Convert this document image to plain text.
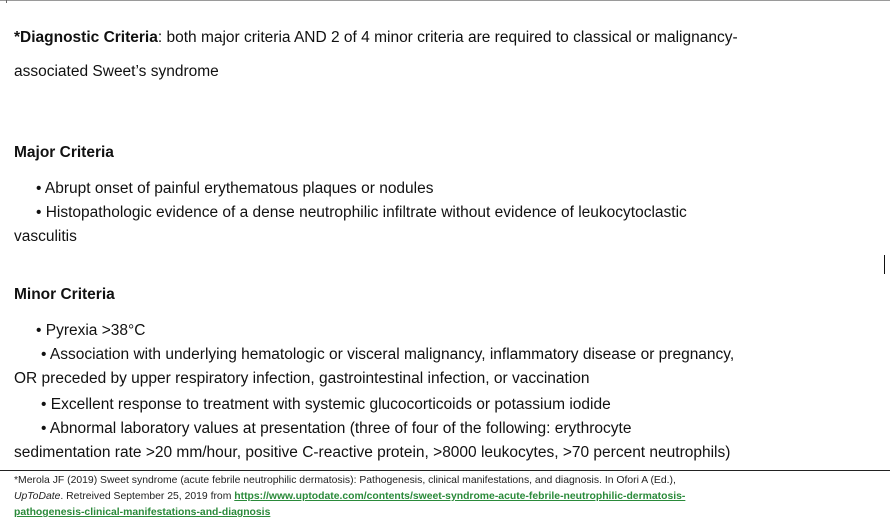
*Diagnostic Criteria: both major criteria AND 2 of 4 minor criteria are required to classical or malignancy-
associated Sweet’s syndrome
Major Criteria
• Abrupt onset of painful erythematous plaques or nodules
• Histopathologic evidence of a dense neutrophilic infiltrate without evidence of leukocytoclastic
vasculitis
Minor Criteria
• Pyrexia >38°C
• Association with underlying hematologic or visceral malignancy, inflammatory disease or pregnancy,
OR preceded by upper respiratory infection, gastrointestinal infection, or vaccination
• Excellent response to treatment with systemic glucocorticoids or potassium iodide
• Abnormal laboratory values at presentation (three of four of the following: erythrocyte
sedimentation rate >20 mm/hour, positive C-reactive protein, >8000 leukocytes, >70 percent neutrophils)
*Merola JF (2019) Sweet syndrome (acute febrile neutrophilic dermatosis): Pathogenesis, clinical manifestations, and diagnosis. In Ofori A (Ed.),
UpToDate. Retreived September 25, 2019 from https://www.uptodate.com/contents/sweet-syndrome-acute-febrile-neutrophilic-dermatosis-
pathogenesis-clinical-manifestations-and-diagnosis
